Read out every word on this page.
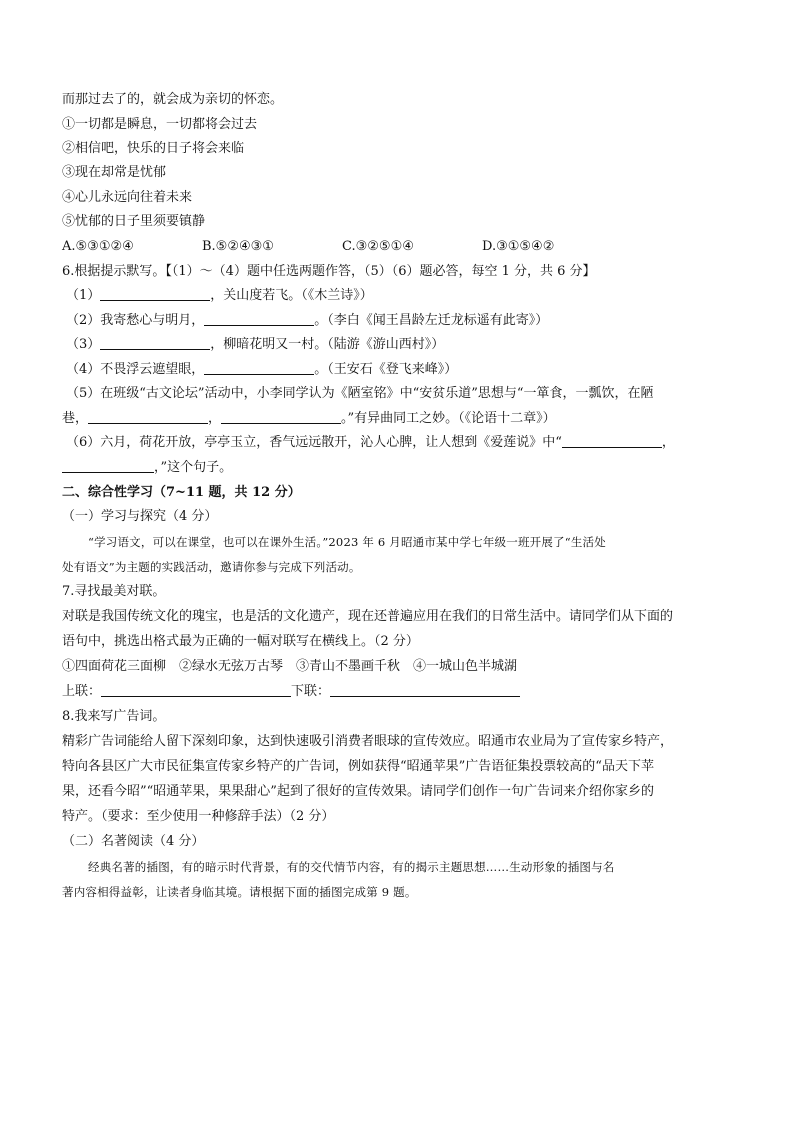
而那过去了的，就会成为亲切的怀恋。
①一切都是瞬息，一切都将会过去
②相信吧，快乐的日子将会来临
③现在却常是忧郁
④心儿永远向往着未来
⑤忧郁的日子里须要镇静
A.⑤③①②④	B.⑤②④③①	C.③②⑤①④	D.③①⑤④②
6.根据提示默写。【（1）～（4）题中任选两题作答，（5）（6）题必答，每空 1 分，共 6 分】
（1）	，关山度若飞。（《木兰诗》）
（2）我寄愁心与明月，	。（李白《闻王昌龄左迁龙标遥有此寄》）
（3）	，柳暗花明又一村。（陆游《游山西村》）
（4）不畏浮云遮望眼，	。（王安石《登飞来峰》）
（5）在班级“古文论坛”活动中，小李同学认为《陋室铭》中“安贫乐道”思想与“一箪食，一瓢饮，在陋
巷，	，	。”有异曲同工之妙。（《论语十二章》）
（6）六月，荷花开放，亭亭玉立，香气远远散开，沁人心脾，让人想到《爱莲说》中“	，
，”这个句子。
二、综合性学习（7~11 题，共 12 分）
（一）学习与探究（4 分）
“学习语文，可以在课堂，也可以在课外生活。”2023 年 6 月昭通市某中学七年级一班开展了“生活处
处有语文”为主题的实践活动，邀请你参与完成下列活动。
7.寻找最美对联。
对联是我国传统文化的瑰宝，也是活的文化遗产，现在还普遍应用在我们的日常生活中。请同学们从下面的
语句中，挑选出格式最为正确的一幅对联写在横线上。（2 分）
①四面荷花三面柳　②绿水无弦万古琴　③青山不墨画千秋　④一城山色半城湖
上联：	下联：
8.我来写广告词。
精彩广告词能给人留下深刻印象，达到快速吸引消费者眼球的宣传效应。昭通市农业局为了宣传家乡特产，
特向各县区广大市民征集宣传家乡特产的广告词，例如获得“昭通苹果”广告语征集投票较高的“品天下苹
果，还看今昭”“昭通苹果，果果甜心”起到了很好的宣传效果。请同学们创作一句广告词来介绍你家乡的
特产。（要求：至少使用一种修辞手法）（2 分）
（二）名著阅读（4 分）
经典名著的插图，有的暗示时代背景，有的交代情节内容，有的揭示主题思想……生动形象的插图与名
著内容相得益彰，让读者身临其境。请根据下面的插图完成第 9 题。
